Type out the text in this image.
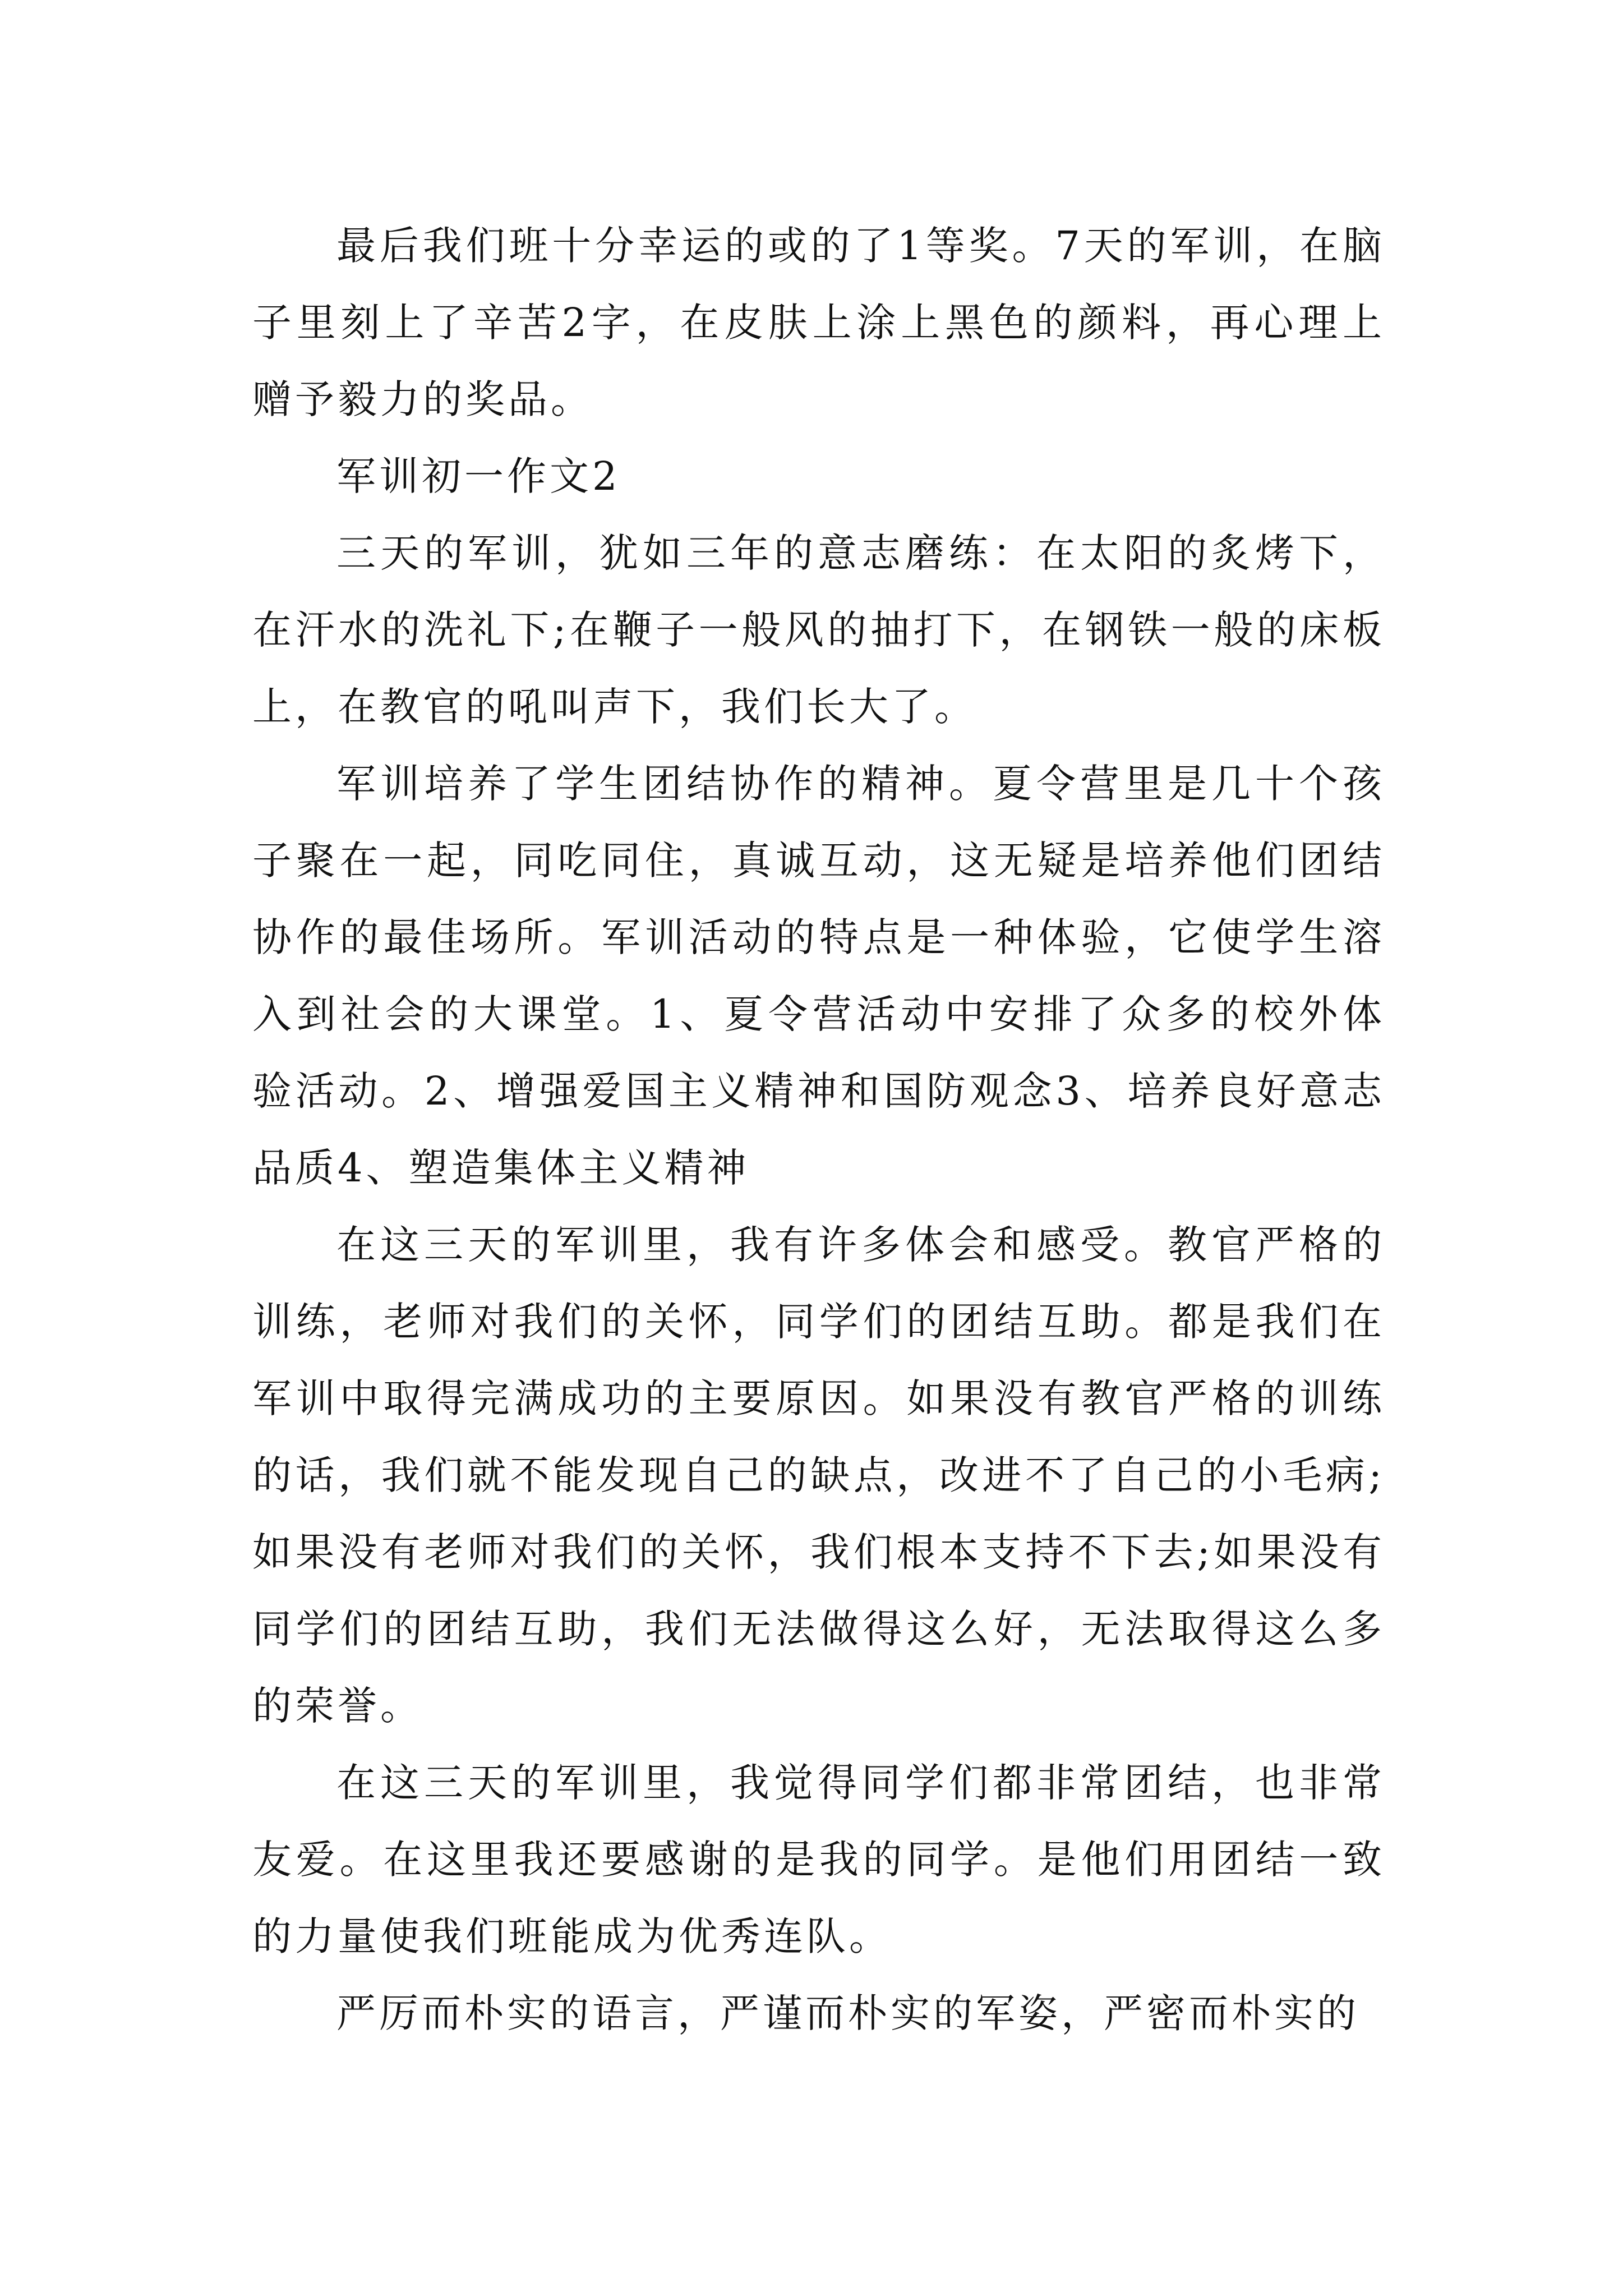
最后我们班十分幸运的或的了1等奖。7天的军训，在脑子里刻上了辛苦2字，在皮肤上涂上黑色的颜料，再心理上赠予毅力的奖品。

军训初一作文2

三天的军训，犹如三年的意志磨练：在太阳的炙烤下，在汗水的洗礼下;在鞭子一般风的抽打下，在钢铁一般的床板上，在教官的吼叫声下，我们长大了。

军训培养了学生团结协作的精神。夏令营里是几十个孩子聚在一起，同吃同住，真诚互动，这无疑是培养他们团结协作的最佳场所。军训活动的特点是一种体验，它使学生溶入到社会的大课堂。1、夏令营活动中安排了众多的校外体验活动。2、增强爱国主义精神和国防观念3、培养良好意志品质4、塑造集体主义精神

在这三天的军训里，我有许多体会和感受。教官严格的训练，老师对我们的关怀，同学们的团结互助。都是我们在军训中取得完满成功的主要原因。如果没有教官严格的训练的话，我们就不能发现自己的缺点，改进不了自己的小毛病;如果没有老师对我们的关怀，我们根本支持不下去;如果没有同学们的团结互助，我们无法做得这么好，无法取得这么多的荣誉。

在这三天的军训里，我觉得同学们都非常团结，也非常友爱。在这里我还要感谢的是我的同学。是他们用团结一致的力量使我们班能成为优秀连队。

严厉而朴实的语言，严谨而朴实的军姿，严密而朴实的
